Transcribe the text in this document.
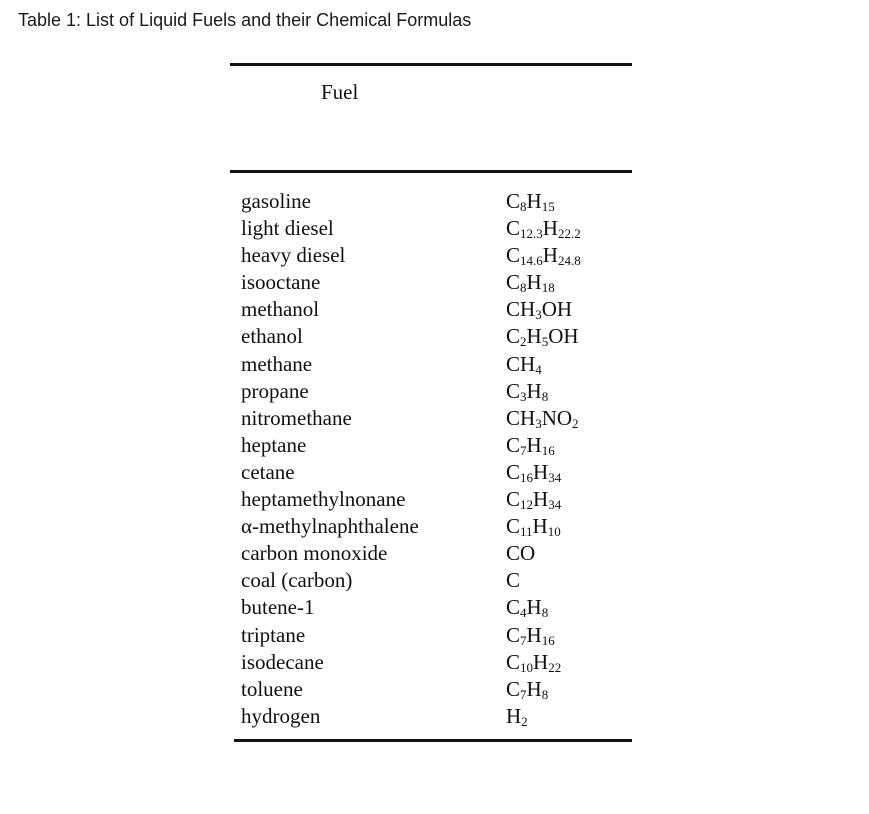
Table 1: List of Liquid Fuels and their Chemical Formulas
Fuel
gasoline	$C_8H_{15}$
light diesel	$C_{12.3}H_{22.2}$
heavy diesel	$C_{14.6}H_{24.8}$
isooctane	$C_8H_{18}$
methanol	$CH_3OH$
ethanol	$C_2H_5OH$
methane	$CH_4$
propane	$C_3H_8$
nitromethane	$CH_3NO_2$
heptane	$C_7H_{16}$
cetane	$C_{16}H_{34}$
heptamethylnonane	$C_{12}H_{34}$
α-methylnaphthalene	$C_{11}H_{10}$
carbon monoxide	CO
coal (carbon)	C
butene-1	$C_4H_8$
triptane	$C_7H_{16}$
isodecane	$C_{10}H_{22}$
toluene	$C_7H_8$
hydrogen	$H_2$
